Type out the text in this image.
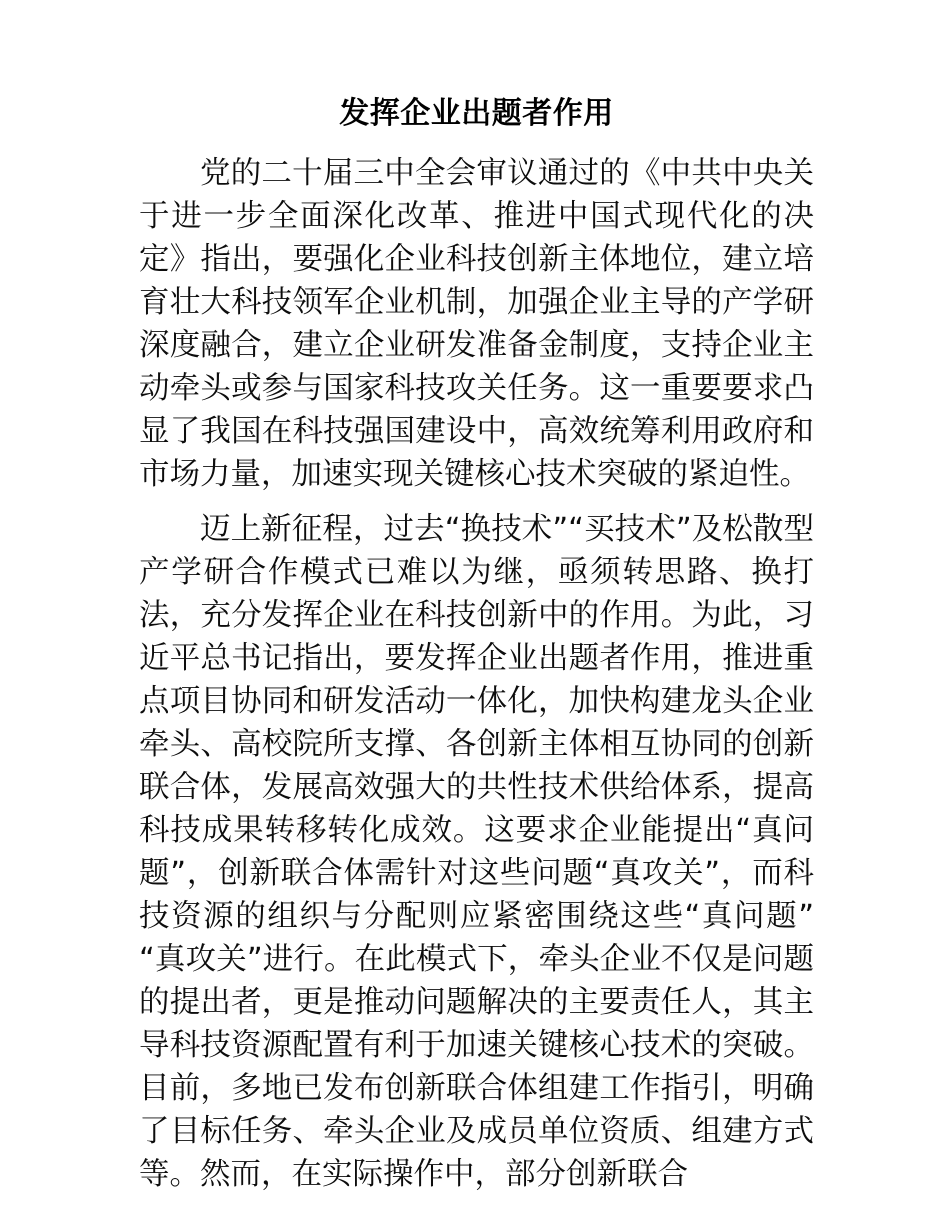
发挥企业出题者作用

党的二十届三中全会审议通过的《中共中央关于进一步全面深化改革、推进中国式现代化的决定》指出，要强化企业科技创新主体地位，建立培育壮大科技领军企业机制，加强企业主导的产学研深度融合，建立企业研发准备金制度，支持企业主动牵头或参与国家科技攻关任务。这一重要要求凸显了我国在科技强国建设中，高效统筹利用政府和市场力量，加速实现关键核心技术突破的紧迫性。

迈上新征程，过去“换技术”“买技术”及松散型产学研合作模式已难以为继，亟须转思路、换打法，充分发挥企业在科技创新中的作用。为此，习近平总书记指出，要发挥企业出题者作用，推进重点项目协同和研发活动一体化，加快构建龙头企业牵头、高校院所支撑、各创新主体相互协同的创新联合体，发展高效强大的共性技术供给体系，提高科技成果转移转化成效。这要求企业能提出“真问题”，创新联合体需针对这些问题“真攻关”，而科技资源的组织与分配则应紧密围绕这些“真问题”“真攻关”进行。在此模式下，牵头企业不仅是问题的提出者，更是推动问题解决的主要责任人，其主导科技资源配置有利于加速关键核心技术的突破。目前，多地已发布创新联合体组建工作指引，明确了目标任务、牵头企业及成员单位资质、组建方式等。然而，在实际操作中，部分创新联合
